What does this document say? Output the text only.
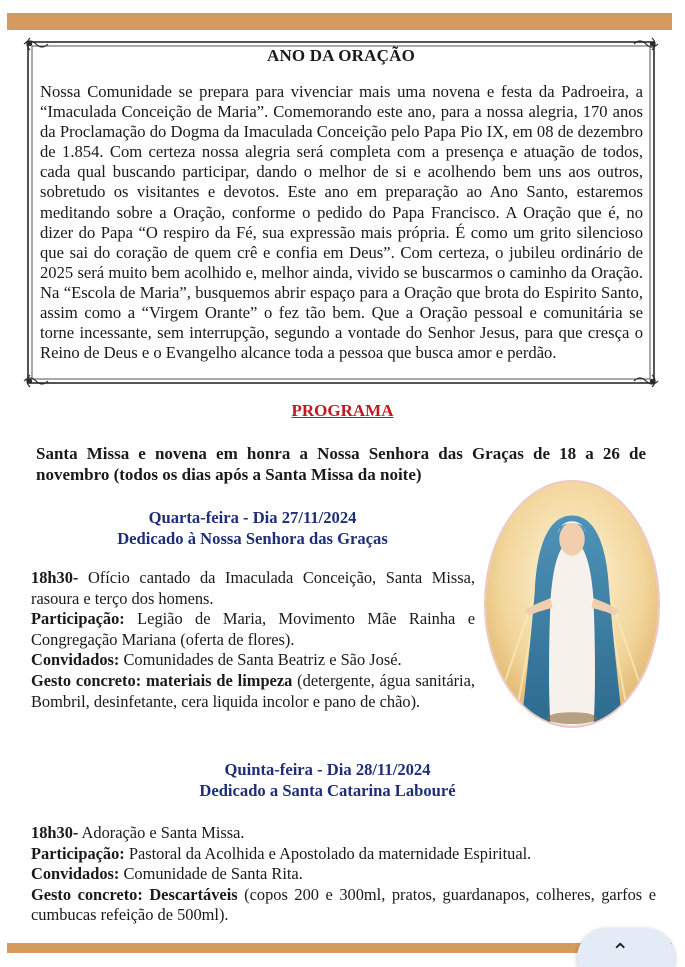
ANO DA ORAÇÃO
Nossa Comunidade se prepara para vivenciar mais uma novena e festa da Padroeira, a “Imaculada Conceição de Maria”. Comemorando este ano, para a nossa alegria, 170 anos da Proclamação do Dogma da Imaculada Conceição pelo Papa Pio IX, em 08 de dezembro de 1.854. Com certeza nossa alegria será completa com a presença e atuação de todos, cada qual buscando participar, dando o melhor de si e acolhendo bem uns aos outros, sobretudo os visitantes e devotos. Este ano em preparação ao Ano Santo, estaremos meditando sobre a Oração, conforme o pedido do Papa Francisco. A Oração que é, no dizer do Papa “O respiro da Fé, sua expressão mais própria. É como um grito silencioso que sai do coração de quem crê e confia em Deus”. Com certeza, o jubileu ordinário de 2025 será muito bem acolhido e, melhor ainda, vivido se buscarmos o caminho da Oração. Na “Escola de Maria”, busquemos abrir espaço para a Oração que brota do Espirito Santo, assim como a “Virgem Orante” o fez tão bem. Que a Oração pessoal e comunitária se torne incessante, sem interrupção, segundo a vontade do Senhor Jesus, para que cresça o Reino de Deus e o Evangelho alcance toda a pessoa que busca amor e perdão.
PROGRAMA
Santa Missa e novena em honra a Nossa Senhora das Graças de 18 a 26 de novembro (todos os dias após a Santa Missa da noite)
Quarta-feira - Dia 27/11/2024
Dedicado à Nossa Senhora das Graças

18h30- Ofício cantado da Imaculada Conceição, Santa Missa, rasoura e terço dos homens.

Participação: Legião de Maria, Movimento Mãe Rainha e Congregação Mariana (oferta de flores).

Convidados: Comunidades de Santa Beatriz e São José.

Gesto concreto: materiais de limpeza (detergente, água sanitária, Bombril, desinfetante, cera liquida incolor e pano de chão).

Quinta-feira - Dia 28/11/2024
Dedicado a Santa Catarina Labouré

18h30- Adoração e Santa Missa.

Participação: Pastoral da Acolhida e Apostolado da maternidade Espiritual.

Convidados: Comunidade de Santa Rita.

Gesto concreto: Descartáveis (copos 200 e 300ml, pratos, guardanapos, colheres, garfos e cumbucas refeição de 500ml).

⌃
